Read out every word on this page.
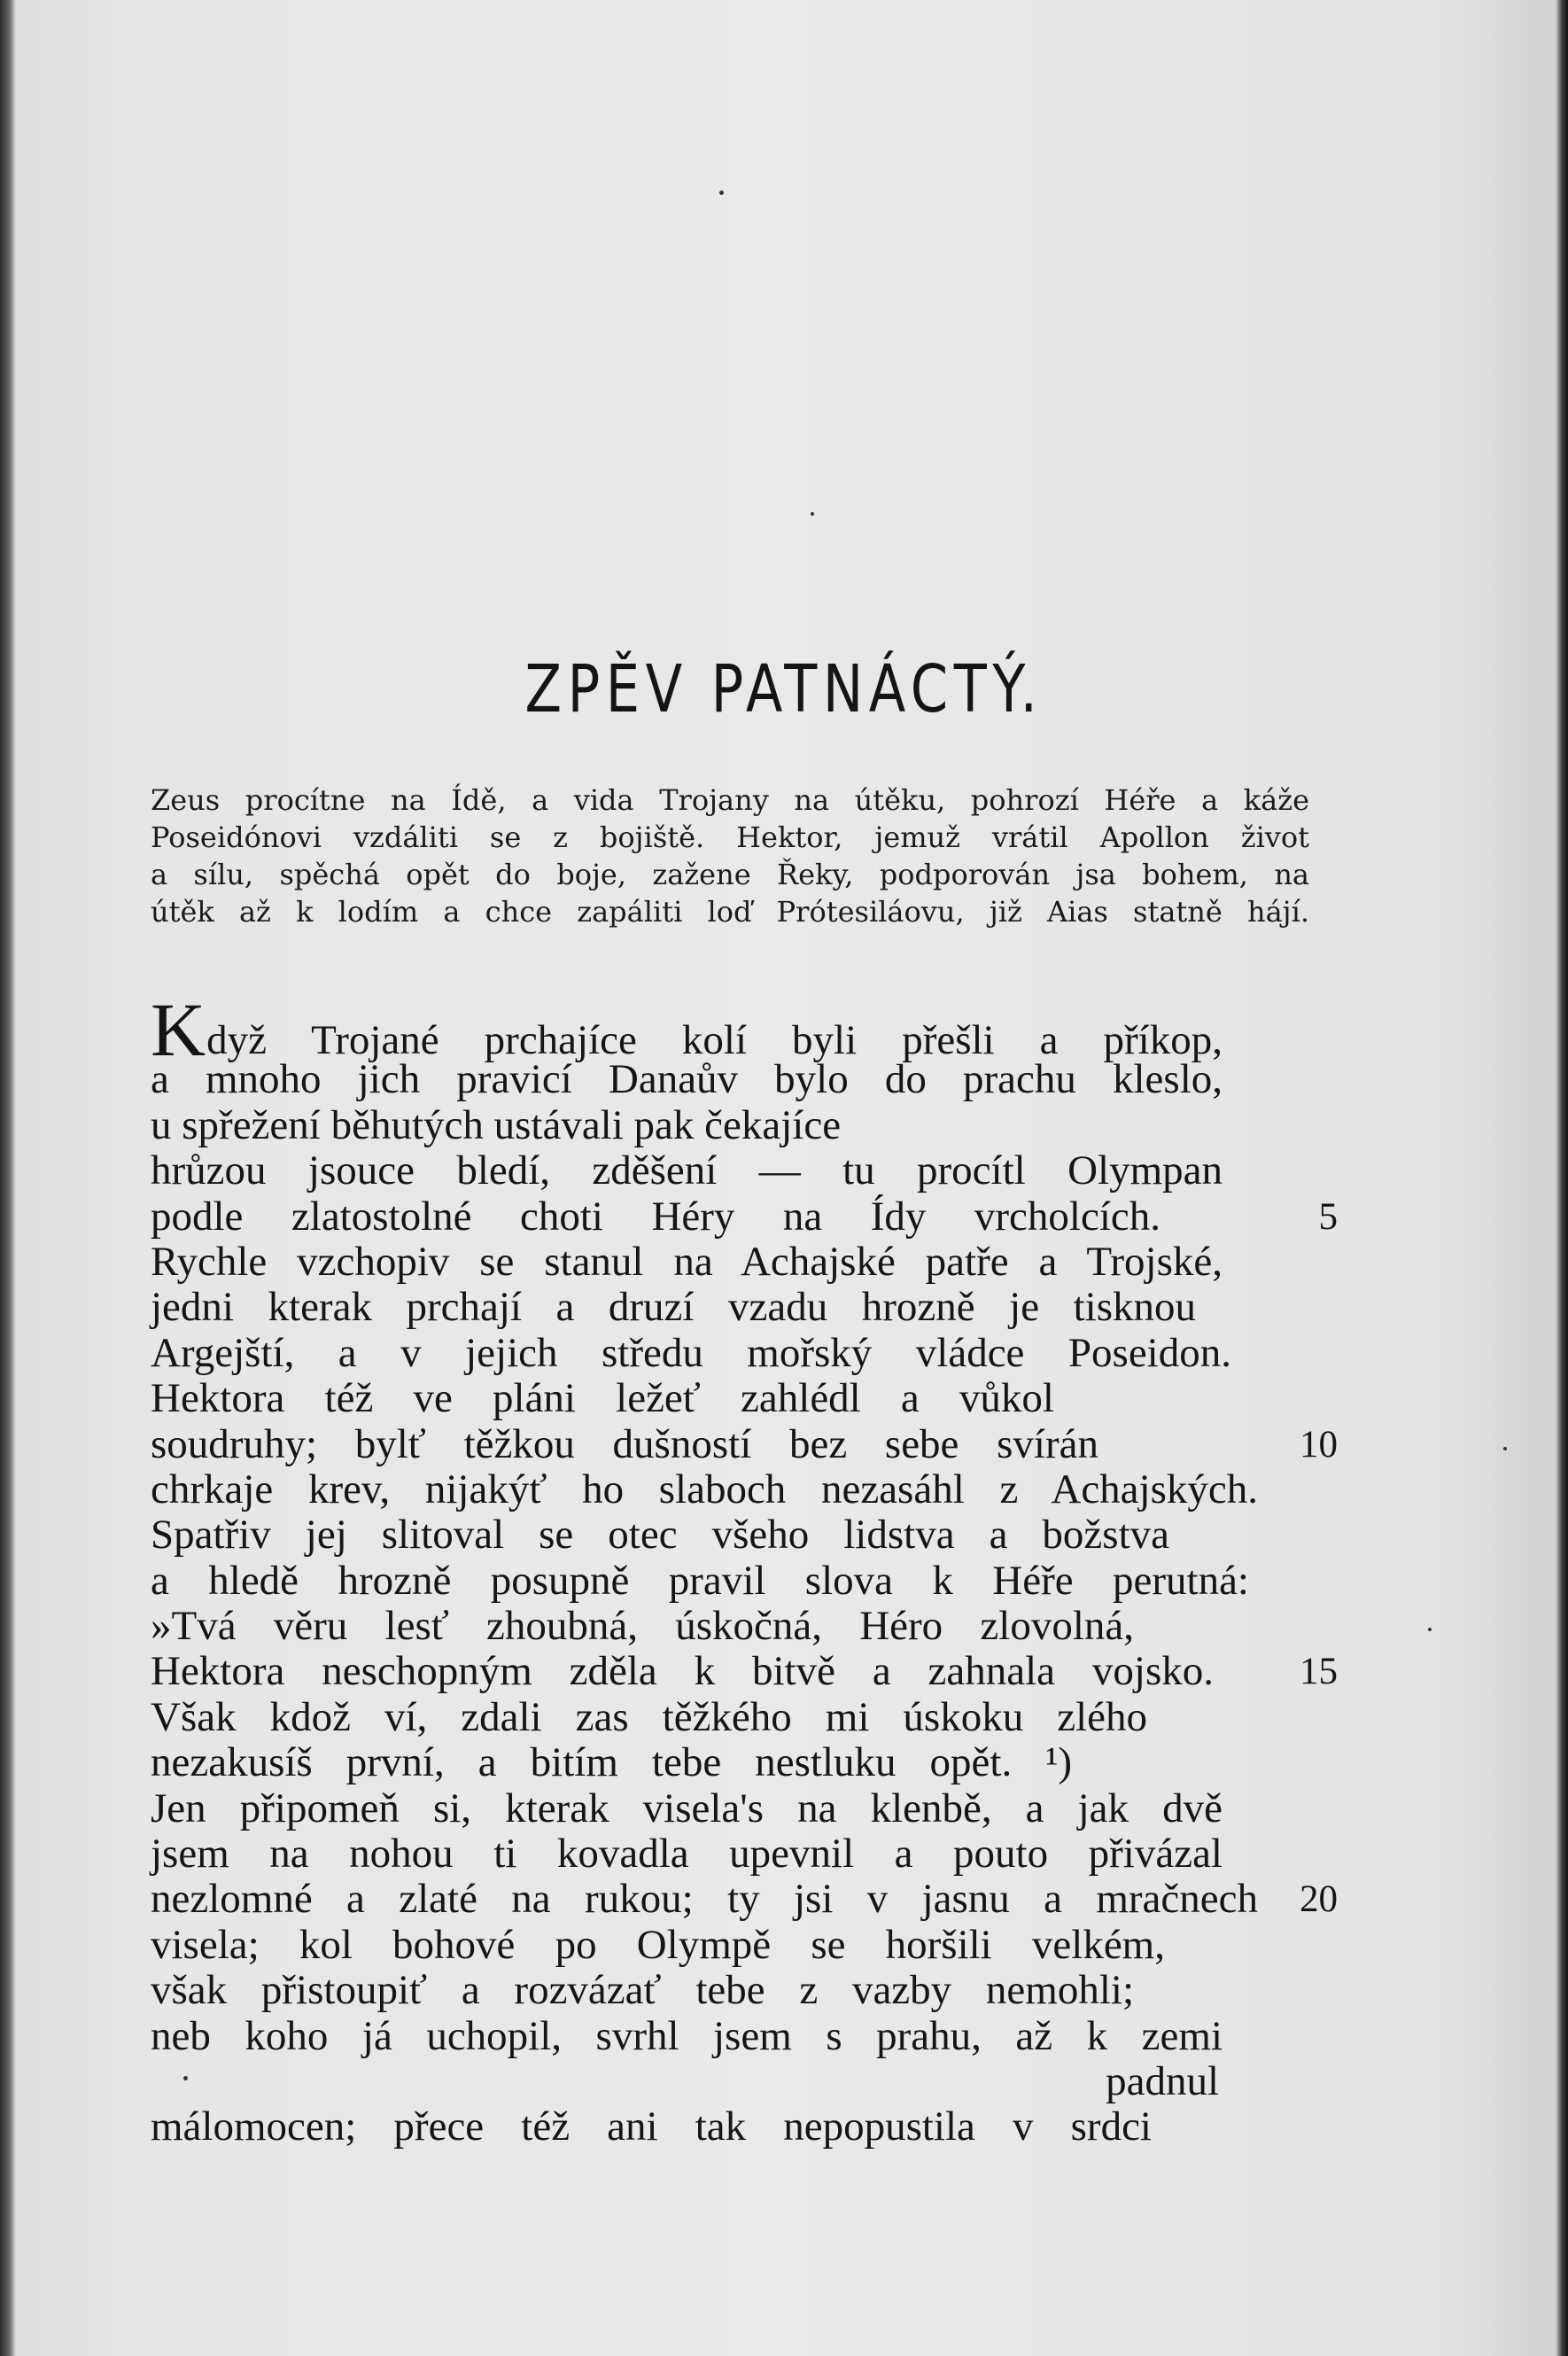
ZPĚV PATNÁCTÝ.
Zeus procítne na Ídě, a vida Trojany na útěku, pohrozí Héře a káže
Poseidónovi vzdáliti se z bojiště. Hektor, jemuž vrátil Apollon život
a sílu, spěchá opět do boje, zažene Řeky, podporován jsa bohem, na
útěk až k lodím a chce zapáliti loď Prótesiláovu, již Aias statně hájí.
Když Trojané prchajíce kolí byli přešli a příkop,
a mnoho jich pravicí Danaův bylo do prachu kleslo,
u spřežení běhutých ustávali pak čekajíce
hrůzou jsouce bledí, zděšení — tu procítl Olympan
podle zlatostolné choti Héry na Ídy vrcholcích.	5
Rychle vzchopiv se stanul na Achajské patře a Trojské,
jedni kterak prchají a druzí vzadu hrozně je tisknou
Argejští, a v jejich středu mořský vládce Poseidon.
Hektora též ve pláni ležeť zahlédl a vůkol
soudruhy; bylť těžkou dušností bez sebe svírán	10
chrkaje krev, nijakýť ho slaboch nezasáhl z Achajských.
Spatřiv jej slitoval se otec všeho lidstva a božstva
a hledě hrozně posupně pravil slova k Héře perutná:
»Tvá věru lesť zhoubná, úskočná, Héro zlovolná,
Hektora neschopným zděla k bitvě a zahnala vojsko.	15
Však kdož ví, zdali zas těžkého mi úskoku zlého
nezakusíš první, a bitím tebe nestluku opět. ¹)
Jen připomeň si, kterak visela's na klenbě, a jak dvě
jsem na nohou ti kovadla upevnil a pouto přivázal
nezlomné a zlaté na rukou; ty jsi v jasnu a mračnech	20
visela; kol bohové po Olympě se horšili velkém,
však přistoupiť a rozvázať tebe z vazby nemohli;
neb koho já uchopil, svrhl jsem s prahu, až k zemi
padnul
málomocen; přece též ani tak nepopustila v srdci
